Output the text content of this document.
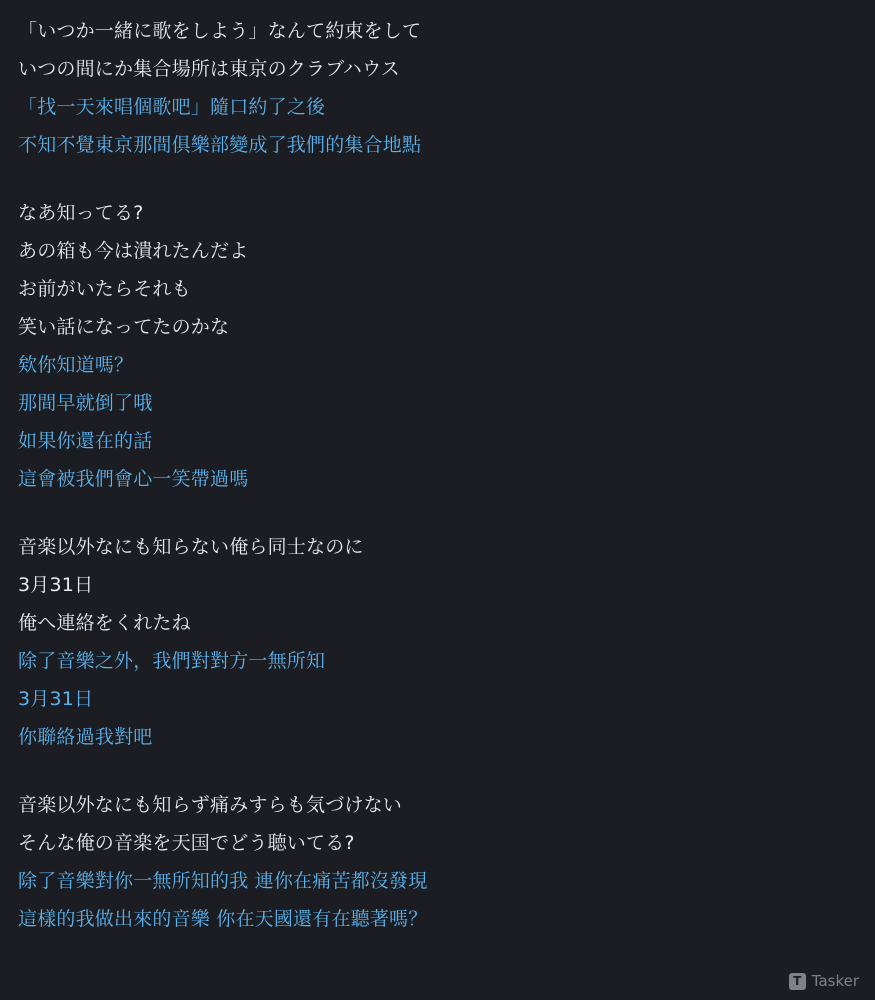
「いつか一緒に歌をしよう」なんて約束をして
いつの間にか集合場所は東京のクラブハウス
「找一天來唱個歌吧」隨口約了之後
不知不覺東京那間俱樂部變成了我們的集合地點
なあ知ってる?
あの箱も今は潰れたんだよ
お前がいたらそれも
笑い話になってたのかな
欸你知道嗎？
那間早就倒了哦
如果你還在的話
這會被我們會心一笑帶過嗎
音楽以外なにも知らない俺ら同士なのに
3月31日
俺へ連絡をくれたね
除了音樂之外，我們對對方一無所知
3月31日
你聯絡過我對吧
音楽以外なにも知らず痛みすらも気づけない
そんな俺の音楽を天国でどう聴いてる?
除了音樂對你一無所知的我 連你在痛苦都沒發現
這樣的我做出來的音樂 你在天國還有在聽著嗎？
T Tasker
